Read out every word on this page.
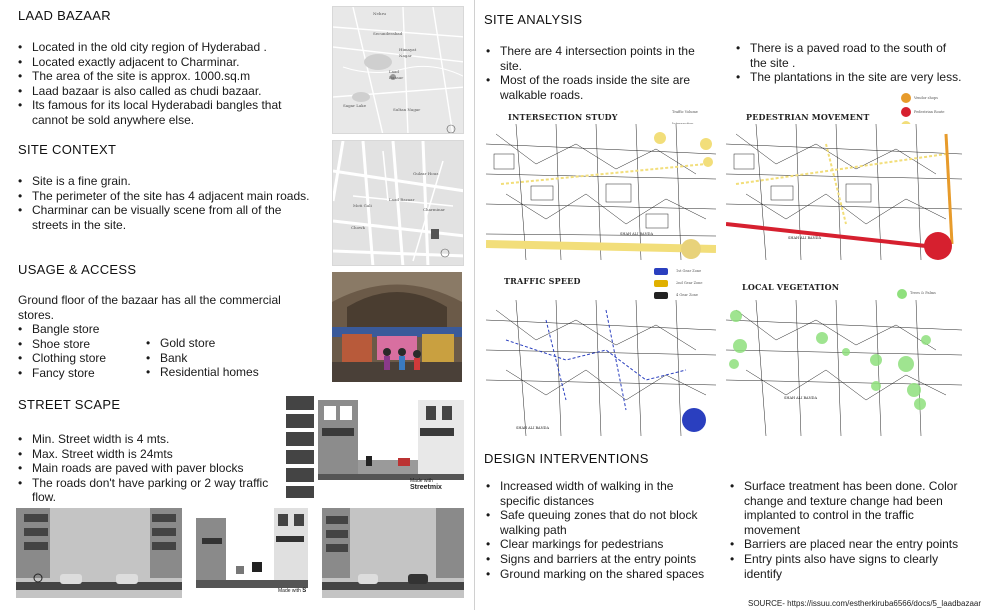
LAAD BAZAAR
• Located in the old city region of Hyderabad .
• Located exactly adjacent to Charminar.
• The area of the site is approx. 1000.sq.m
• Laad bazaar is also called as chudi bazaar.
• Its famous for its local Hyderabadi bangles that cannot be sold anywhere else.
SITE CONTEXT
• Site is a fine grain.
• The perimeter of the site has 4 adjacent main roads.
• Charminar can be visually scene from all of the streets in the site.
USAGE & ACCESS
Ground floor of the bazaar has all the commercial stores.
• Bangle store
• Shoe store
• Clothing store
• Fancy store
• Gold store
• Bank
• Residential homes
STREET SCAPE
• Min. Street width is 4 mts.
• Max. Street width is 24mts
• Main roads are paved with paver blocks
• The roads don't have parking or 2 way traffic flow.
Nehru
Secunderabad
Himayat
Nagar
Laad
Bazaar
Sagar Lake
Sultan Nagar
Gulzar Houz
Laad Bazaar
Charminar
Moti Gali
Chowk
Made with Streetmix
Made with S
SITE ANALYSIS
• There are 4 intersection points in the site.
• Most of the roads inside the site are walkable roads.
• There is a paved road to the south of the site .
• The plantations in the site are very less.
INTERSECTION STUDY	Traffic Volume
SHAH ALI BANDA
PEDESTRIAN MOVEMENT
Vendor shops
Pedestrian Route
SHAH ALI BANDA
TRAFFIC SPEED
1st Gear Zone
2nd Gear Zone
4 Gear Zone
SHAH ALI BANDA
LOCAL VEGETATION
Trees & Palms
SHAH ALI BANDA
DESIGN INTERVENTIONS
• Increased width of walking in the specific distances
• Safe queuing zones that do not block walking path
• Clear markings for pedestrians
• Signs and barriers at the entry points
• Ground marking on the shared spaces
• Surface treatment has been done. Color change and texture change had been implanted to control in the traffic movement
• Barriers are placed near the entry points
• Entry pints also have signs to clearly identify
SOURCE- https://issuu.com/estherkiruba6566/docs/5_laadbazaar
